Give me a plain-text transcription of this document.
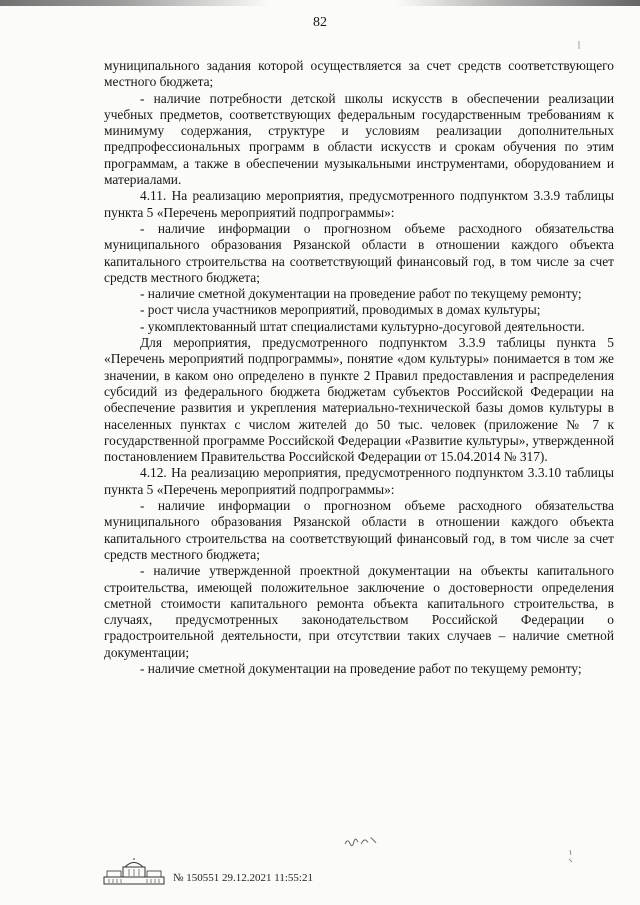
82

муниципального задания которой осуществляется за счет средств соответствующего местного бюджета;

- наличие потребности детской школы искусств в обеспечении реализации учебных предметов, соответствующих федеральным государственным требованиям к минимуму содержания, структуре и условиям реализации дополнительных предпрофессиональных программ в области искусств и срокам обучения по этим программам, а также в обеспечении музыкальными инструментами, оборудованием и материалами.

4.11. На реализацию мероприятия, предусмотренного подпунктом 3.3.9 таблицы пункта 5 «Перечень мероприятий подпрограммы»:

- наличие информации о прогнозном объеме расходного обязательства муниципального образования Рязанской области в отношении каждого объекта капитального строительства на соответствующий финансовый год, в том числе за счет средств местного бюджета;

- наличие сметной документации на проведение работ по текущему ремонту;

- рост числа участников мероприятий, проводимых в домах культуры;

- укомплектованный штат специалистами культурно-досуговой деятельности.

Для мероприятия, предусмотренного подпунктом 3.3.9 таблицы пункта 5 «Перечень мероприятий подпрограммы», понятие «дом культуры» понимается в том же значении, в каком оно определено в пункте 2 Правил предоставления и распределения субсидий из федерального бюджета бюджетам субъектов Российской Федерации на обеспечение развития и укрепления материально-технической базы домов культуры в населенных пунктах с числом жителей до 50 тыс. человек (приложение № 7 к государственной программе Российской Федерации «Развитие культуры», утвержденной постановлением Правительства Российской Федерации от 15.04.2014 № 317).

4.12. На реализацию мероприятия, предусмотренного подпунктом 3.3.10 таблицы пункта 5 «Перечень мероприятий подпрограммы»:

- наличие информации о прогнозном объеме расходного обязательства муниципального образования Рязанской области в отношении каждого объекта капитального строительства на соответствующий финансовый год, в том числе за счет средств местного бюджета;

- наличие утвержденной проектной документации на объекты капитального строительства, имеющей положительное заключение о достоверности определения сметной стоимости капитального ремонта объекта капитального строительства, в случаях, предусмотренных законодательством Российской Федерации о градостроительной деятельности, при отсутствии таких случаев – наличие сметной документации;

- наличие сметной документации на проведение работ по текущему ремонту;

№ 150551 29.12.2021 11:55:21
